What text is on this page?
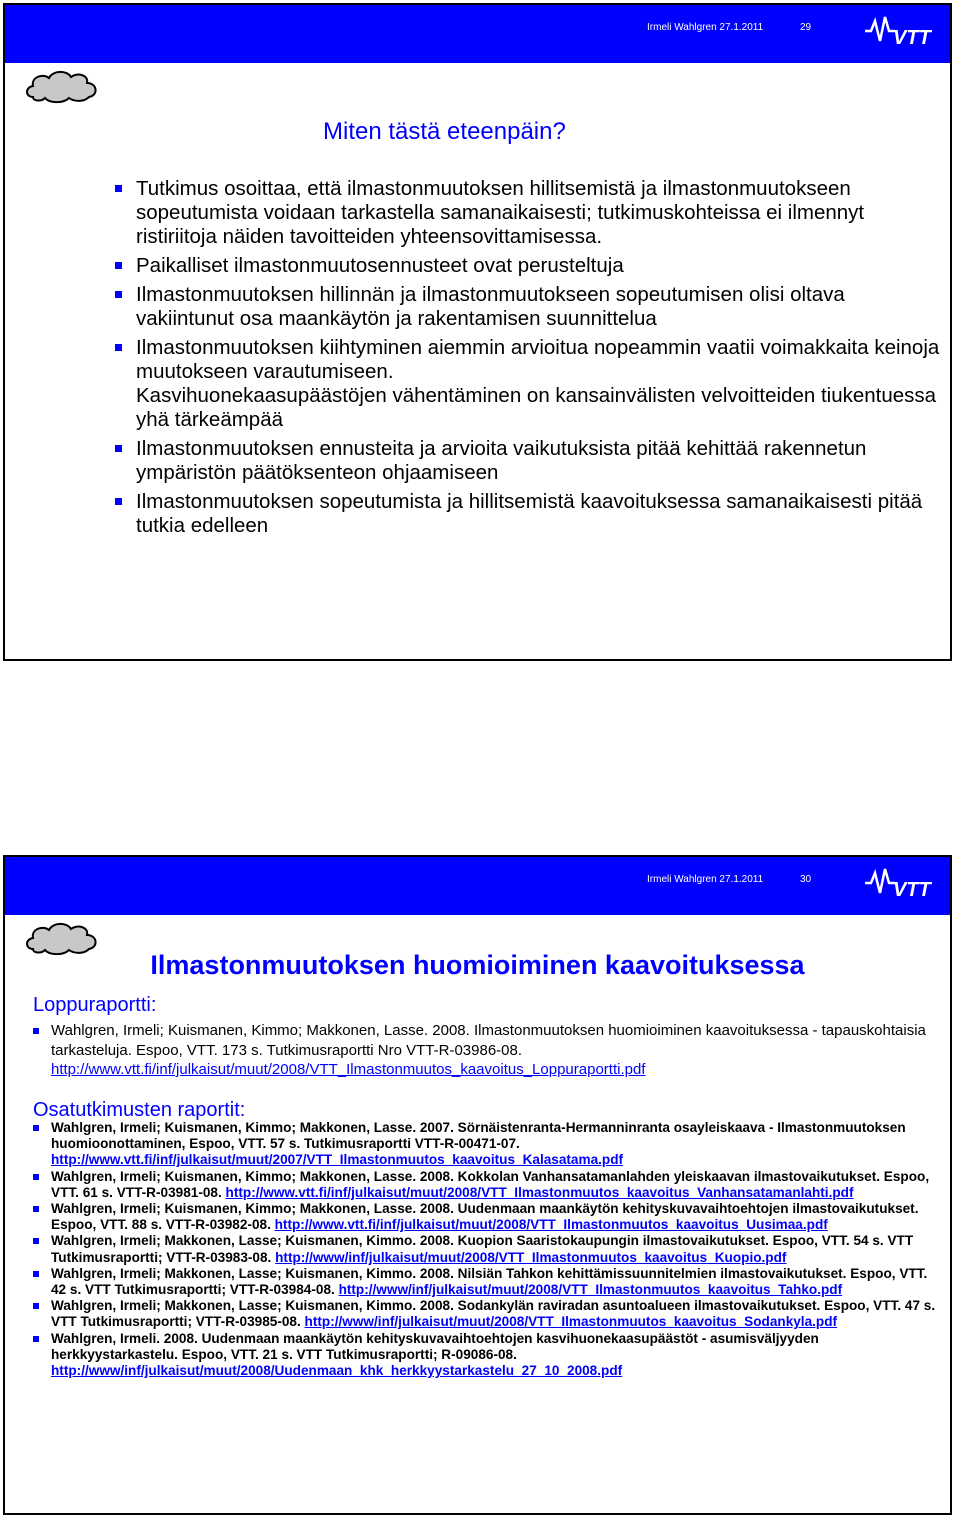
Irmeli Wahlgren 27.1.2011	29	VTT
Miten tästä eteenpäin?
Tutkimus osoittaa, että ilmastonmuutoksen hillitsemistä ja ilmastonmuutokseen sopeutumista voidaan tarkastella samanaikaisesti; tutkimuskohteissa ei ilmennyt ristiriitoja näiden tavoitteiden yhteensovittamisessa.
Paikalliset ilmastonmuutosennusteet ovat perusteltuja
Ilmastonmuutoksen hillinnän ja ilmastonmuutokseen sopeutumisen olisi oltava vakiintunut osa maankäytön ja rakentamisen suunnittelua
Ilmastonmuutoksen kiihtyminen aiemmin arvioitua nopeammin vaatii voimakkaita keinoja muutokseen varautumiseen.
Kasvihuonekaasupäästöjen vähentäminen on kansainvälisten velvoitteiden tiukentuessa yhä tärkeämpää
Ilmastonmuutoksen ennusteita ja arvioita vaikutuksista pitää kehittää rakennetun ympäristön päätöksenteon ohjaamiseen
Ilmastonmuutoksen sopeutumista ja hillitsemistä kaavoituksessa samanaikaisesti pitää tutkia edelleen
Irmeli Wahlgren 27.1.2011	30	VTT
Ilmastonmuutoksen huomioiminen kaavoituksessa
Loppuraportti:
Wahlgren, Irmeli; Kuismanen, Kimmo; Makkonen, Lasse. 2008. Ilmastonmuutoksen huomioiminen kaavoituksessa - tapauskohtaisia tarkasteluja. Espoo, VTT. 173 s. Tutkimusraportti Nro VTT-R-03986-08. http://www.vtt.fi/inf/julkaisut/muut/2008/VTT_Ilmastonmuutos_kaavoitus_Loppuraportti.pdf
Osatutkimusten raportit:
Wahlgren, Irmeli; Kuismanen, Kimmo; Makkonen, Lasse. 2007. Sörnäistenranta-Hermanninranta osayleiskaava - Ilmastonmuutoksen huomioonottaminen, Espoo, VTT. 57 s. Tutkimusraportti VTT-R-00471-07. http://www.vtt.fi/inf/julkaisut/muut/2007/VTT_Ilmastonmuutos_kaavoitus_Kalasatama.pdf
Wahlgren, Irmeli; Kuismanen, Kimmo; Makkonen, Lasse. 2008. Kokkolan Vanhansatamanlahden yleiskaavan ilmastovaikutukset. Espoo, VTT. 61 s. VTT-R-03981-08. http://www.vtt.fi/inf/julkaisut/muut/2008/VTT_Ilmastonmuutos_kaavoitus_Vanhansatamanlahti.pdf
Wahlgren, Irmeli; Kuismanen, Kimmo; Makkonen, Lasse. 2008. Uudenmaan maankäytön kehityskuvavaihtoehtojen ilmastovaikutukset. Espoo, VTT. 88 s. VTT-R-03982-08. http://www.vtt.fi/inf/julkaisut/muut/2008/VTT_Ilmastonmuutos_kaavoitus_Uusimaa.pdf
Wahlgren, Irmeli; Makkonen, Lasse; Kuismanen, Kimmo. 2008. Kuopion Saaristokaupungin ilmastovaikutukset. Espoo, VTT. 54 s. VTT Tutkimusraportti; VTT-R-03983-08. http://www/inf/julkaisut/muut/2008/VTT_Ilmastonmuutos_kaavoitus_Kuopio.pdf
Wahlgren, Irmeli; Makkonen, Lasse; Kuismanen, Kimmo. 2008. Nilsiän Tahkon kehittämissuunnitelmien ilmastovaikutukset. Espoo, VTT. 42 s. VTT Tutkimusraportti; VTT-R-03984-08. http://www/inf/julkaisut/muut/2008/VTT_Ilmastonmuutos_kaavoitus_Tahko.pdf
Wahlgren, Irmeli; Makkonen, Lasse; Kuismanen, Kimmo. 2008. Sodankylän raviradan asuntoalueen ilmastovaikutukset. Espoo, VTT. 47 s. VTT Tutkimusraportti; VTT-R-03985-08. http://www/inf/julkaisut/muut/2008/VTT_Ilmastonmuutos_kaavoitus_Sodankyla.pdf
Wahlgren, Irmeli. 2008. Uudenmaan maankäytön kehityskuvavaihtoehtojen kasvihuonekaasupäästöt - asumisväljyyden herkkyystarkastelu. Espoo, VTT. 21 s. VTT Tutkimusraportti; R-09086-08. http://www/inf/julkaisut/muut/2008/Uudenmaan_khk_herkkyystarkastelu_27_10_2008.pdf
